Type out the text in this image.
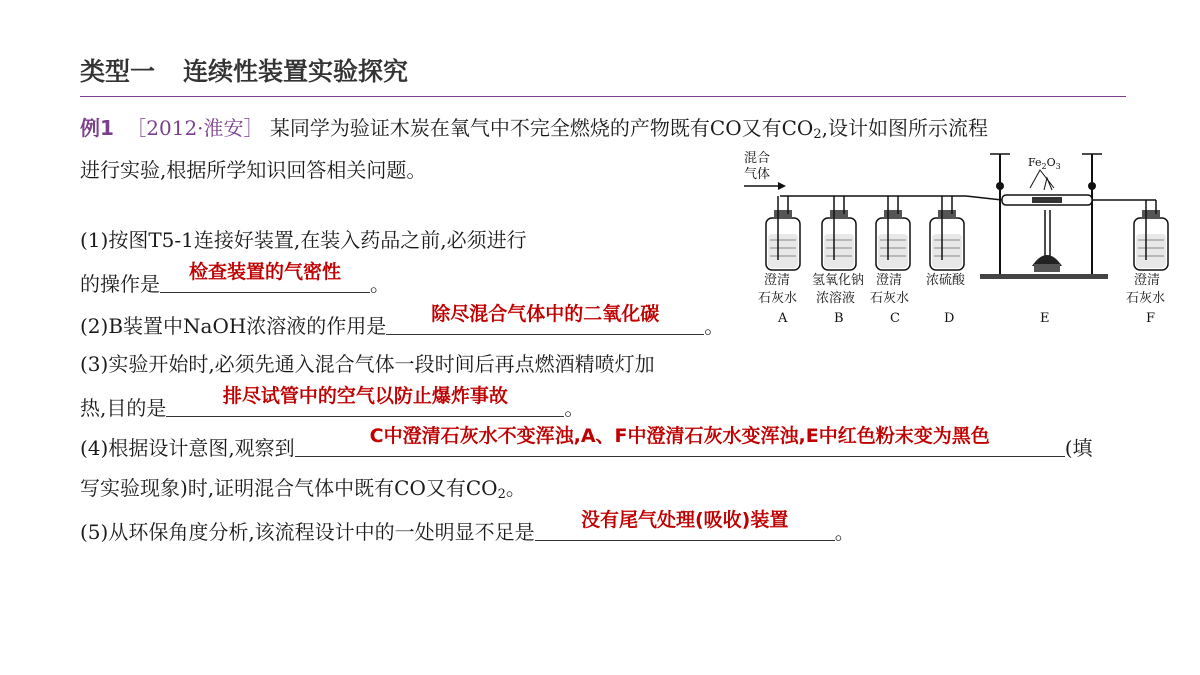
类型一 连续性装置实验探究
例1 ［2012·淮安］ 某同学为验证木炭在氧气中不完全燃烧的产物既有CO又有$CO_2$,设计如图所示流程
进行实验,根据所学知识回答相关问题。
(1)按图T5-1连接好装置,在装入药品之前,必须进行
的操作是	检查装置的气密性	。
(2)B装置中NaOH浓溶液的作用是	除尽混合气体中的二氧化碳	。
(3)实验开始时,必须先通入混合气体一段时间后再点燃酒精喷灯加
热,目的是	排尽试管中的空气以防止爆炸事故	。
(4)根据设计意图,观察到	C中澄清石灰水不变浑浊,A、F中澄清石灰水变浑浊,E中红色粉末变为黑色	(填
写实验现象)时,证明混合气体中既有CO又有$CO_2$。
(5)从环保角度分析,该流程设计中的一处明显不足是	没有尾气处理(吸收)装置	。
混合
气体
$Fe_2O_3$
澄清
石灰水
A
氢氧化钠
浓溶液
B
澄清
石灰水
C
浓硫酸
D	E
澄清
石灰水
F
